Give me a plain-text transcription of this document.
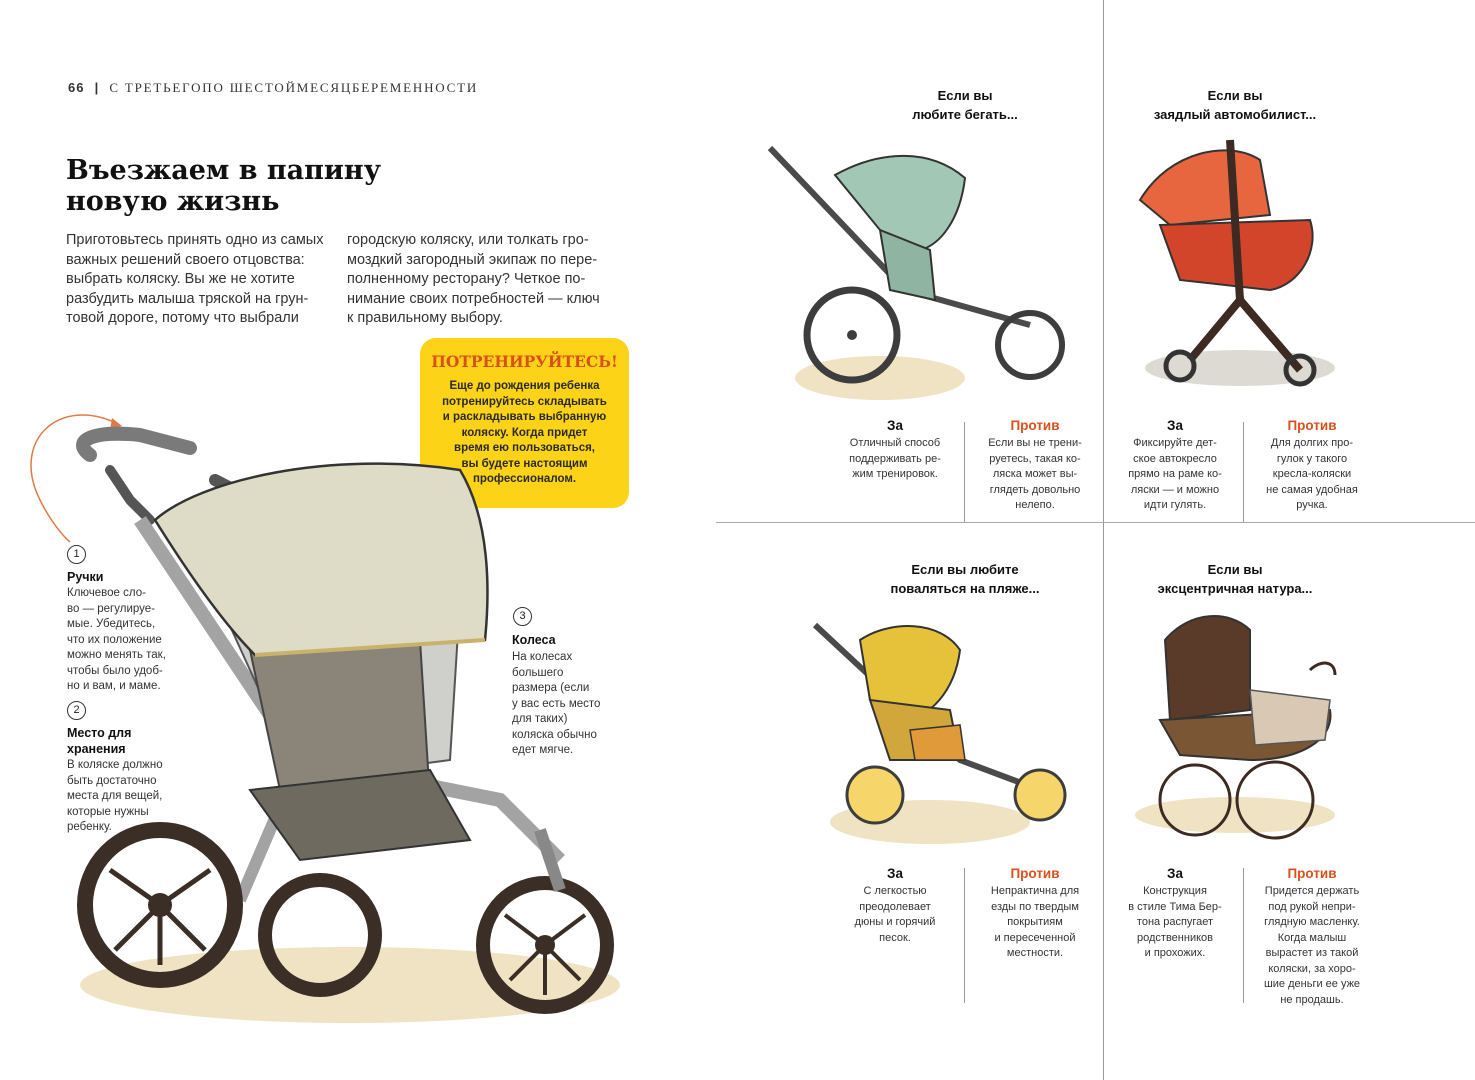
66 | С ТРЕТЬЕГОПО ШЕСТОЙМЕСЯЦБЕРЕМЕННОСТИ
Въезжаем в папину
новую жизнь
Приготовьтесь принять одно из самых
важных решений своего отцовства:
выбрать коляску. Вы же не хотите
разбудить малыша тряской на грун-
товой дороге, потому что выбрали
городскую коляску, или толкать гро-
моздкий загородный экипаж по пере-
полненному ресторану? Четкое по-
нимание своих потребностей — ключ
к правильному выбору.
ПОТРЕНИРУЙТЕСЬ!

Еще до рождения ребенка
потренируйтесь складывать
и раскладывать выбранную
коляску. Когда придет
время ею пользоваться,
вы будете настоящим
профессионалом.

1
Ручки
Ключевое сло-
во — регулируе-
мые. Убедитесь,
что их положение
можно менять так,
чтобы было удоб-
но и вам, и маме.
2
Место для
хранения
В коляске должно
быть достаточно
места для вещей,
которые нужны
ребенку.
3
Колеса
На колесах
большего
размера (если
у вас есть место
для таких)
коляска обычно
едет мягче.
Если вы
любите бегать...
Если вы
заядлый автомобилист...
Если вы любите
поваляться на пляже...
Если вы
эксцентричная натура...
За
Отличный способ
поддерживать ре-
жим тренировок.
Против
Если вы не трени-
руетесь, такая ко-
ляска может вы-
глядеть довольно
нелепо.
За
Фиксируйте дет-
ское автокресло
прямо на раме ко-
ляски — и можно
идти гулять.
Против
Для долгих про-
гулок у такого
кресла-коляски
не самая удобная
ручка.
За
С легкостью
преодолевает
дюны и горячий
песок.
Против
Непрактична для
езды по твердым
покрытиям
и пересеченной
местности.
За
Конструкция
в стиле Тима Бер-
тона распугает
родственников
и прохожих.
Против
Придется держать
под рукой непри-
глядную масленку.
Когда малыш
вырастет из такой
коляски, за хоро-
шие деньги ее уже
не продашь.
